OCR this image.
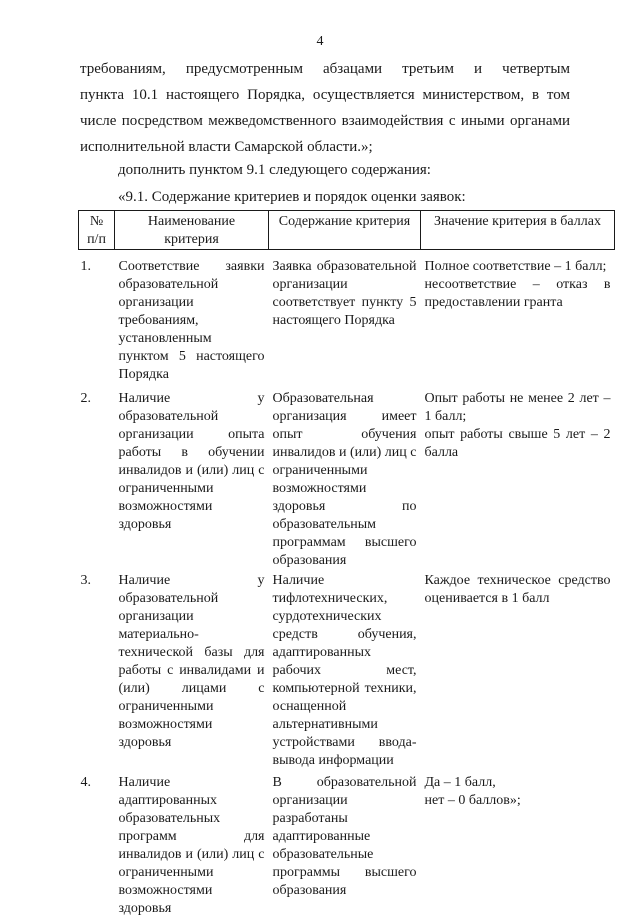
4

требованиям, предусмотренным абзацами третьим и четвертым

пункта 10.1 настоящего Порядка, осуществляется министерством, в том

числе посредством межведомственного взаимодействия с иными органами

исполнительной власти Самарской области.»;

дополнить пунктом 9.1 следующего содержания:
«9.1. Содержание критериев и порядок оценки заявок:
№ п/п	Наименование критерия	Содержание критерия	Значение критерия в баллах
1.	Соответствие заявки образовательной организации требованиям, установленным пунктом 5 настоящего Порядка	Заявка образовательной организации соответствует пункту 5 настоящего Порядка	Полное соответствие – 1 балл;
несоответствие – отказ в предоставлении гранта

2.	Наличие у образовательной организации опыта работы в обучении инвалидов и (или) лиц с ограниченными возможностями здоровья	Образовательная организация имеет опыт обучения инвалидов и (или) лиц с ограниченными возможностями здоровья по образовательным программам высшего образования	Опыт работы не менее 2 лет – 1 балл;
опыт работы свыше 5 лет – 2 балла

3.	Наличие у образовательной организации материально-технической базы для работы с инвалидами и (или) лицами с ограниченными возможностями здоровья	Наличие тифлотехнических, сурдотехнических средств обучения, адаптированных рабочих мест, компьютерной техники, оснащенной альтернативными устройствами ввода-вывода информации	Каждое техническое средство оценивается в 1 балл

4.	Наличие адаптированных образовательных программ для инвалидов и (или) лиц с ограниченными возможностями здоровья	В образовательной организации разработаны адаптированные образовательные программы высшего образования	Да – 1 балл,
нет – 0 баллов»;
